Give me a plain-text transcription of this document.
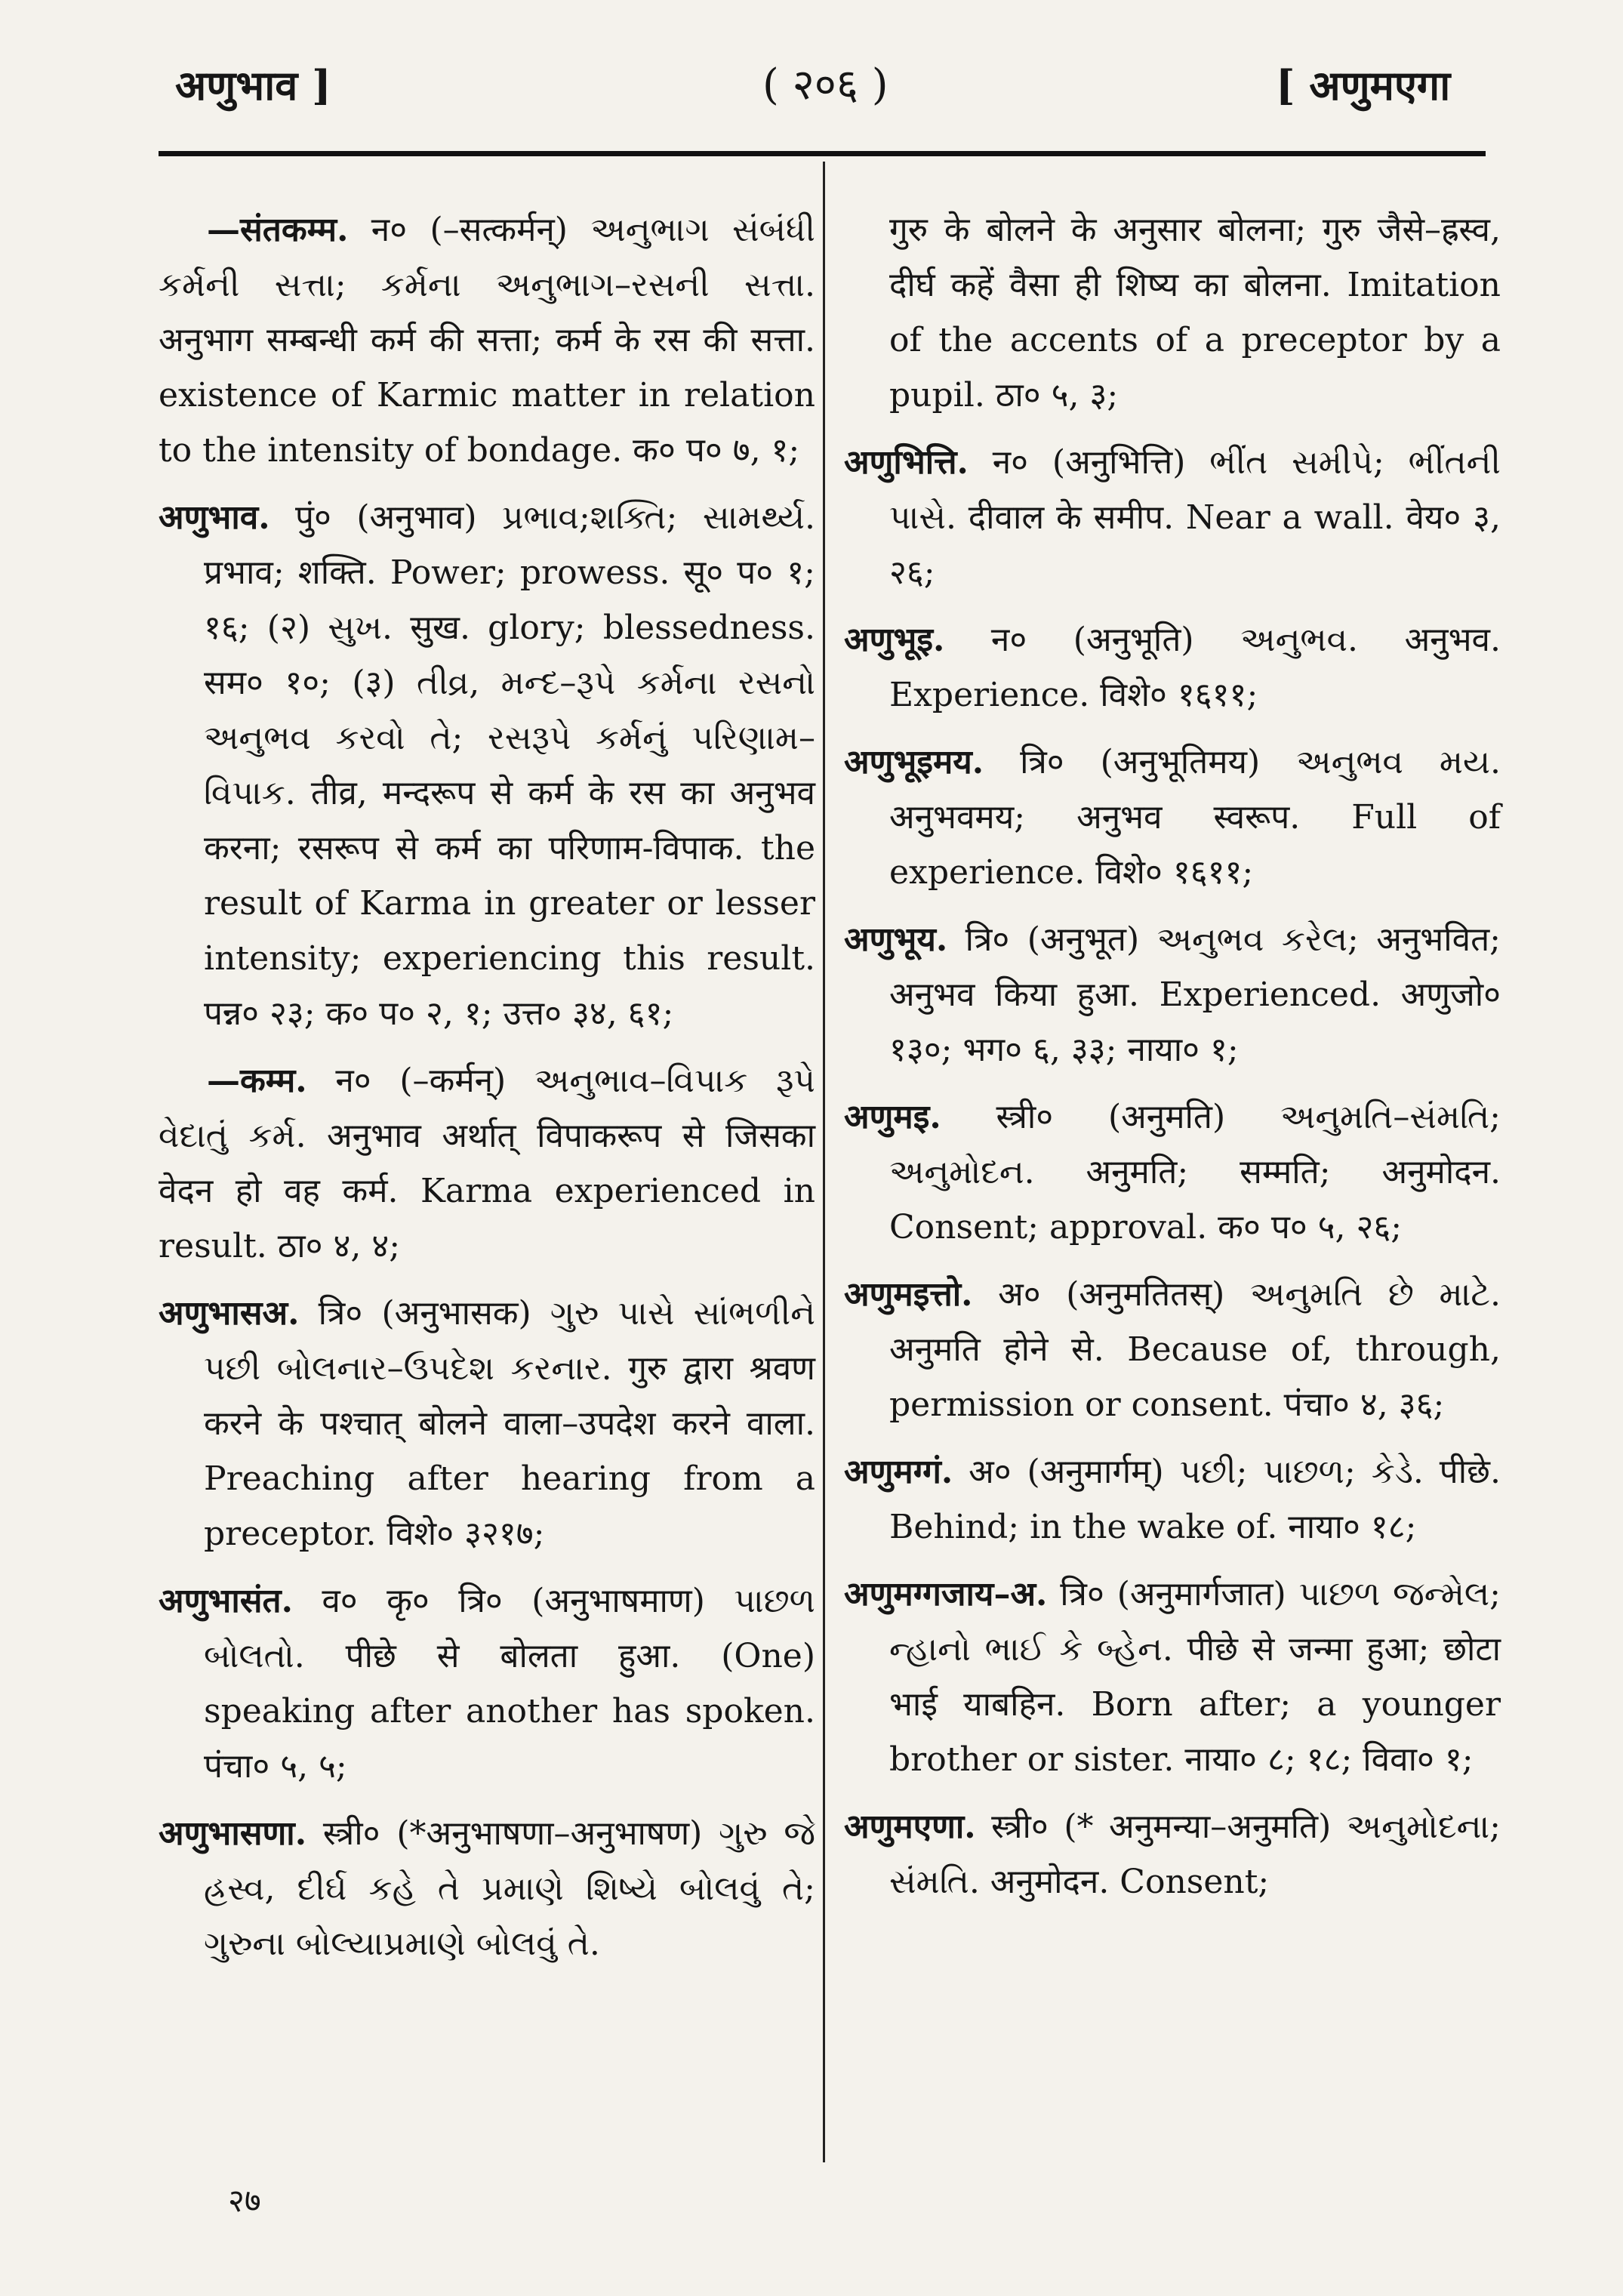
अणुभाव ]	( २०६ )	[ अणुमएगा

—संतकम्म. न० (–सत्कर्मन्) અનુભાગ સંબંધી કર્મની સત્તા; કર્મના અનુભાગ–રસની સત્તા. अनुभाग सम्बन्धी कर्म की सत्ता; कर्म के रस की सत्ता. existence of Karmic matter in relation to the intensity of bondage. क० प० ७, १;

अणुभाव. पुं० (अनुभाव) પ્રભાવ;શક્તિ; સામર્થ્ય. प्रभाव; शक्ति. Power; prowess. सू० प० १; १६; (२) સુખ. सुख. glory; blessedness. सम० १०; (३) તીવ્ર, મન્દ–રૂપે કર્મના રસનો અનુભવ કરવો તે; રસરૂપે કર્મનું પરિણામ–વિપાક. तीव्र, मन्दरूप से कर्म के रस का अनुभव करना; रसरूप से कर्म का परिणाम-विपाक. the result of Karma in greater or lesser intensity; experiencing this result. पन्न० २३; क० प० २, १; उत्त० ३४, ६१;

—कम्म. न० (–कर्मन्) અનુભાવ–વિપાક રૂપે વેદાતું કર્મ. अनुभाव अर्थात् विपाकरूप से जिसका वेदन हो वह कर्म. Karma experienced in result. ठा० ४, ४;

अणुभासअ. त्रि० (अनुभासक) ગુરુ પાસે સાંભળીને પછી બોલનાર–ઉપદેશ કરનાર. गुरु द्वारा श्रवण करने के पश्चात् बोलने वाला–उपदेश करने वाला. Preaching after hearing from a preceptor. विशे० ३२१७;

अणुभासंत. व० कृ० त्रि० (अनुभाषमाण) પાછળ બોલતો. पीछे से बोलता हुआ. (One) speaking after another has spoken. पंचा० ५, ५;

अणुभासणा. स्त्री० (*अनुभाषणा–अनुभाषण) ગુરુ જે હ્રસ્વ, દીર્ઘ કહે તે પ્રમાણે શિષ્યે બોલવું તે; ગુરુના બોલ્યાપ્રમાણે બોલવું તે.

गुरु के बोलने के अनुसार बोलना; गुरु जैसे–ह्रस्व, दीर्घ कहें वैसा ही शिष्य का बोलना. Imitation of the accents of a preceptor by a pupil. ठा० ५, ३;

अणुभित्ति. न० (अनुभित्ति) ભીંત સમીપે; ભીંતની પાસે. दीवाल के समीप. Near a wall. वेय० ३, २६;

अणुभूइ. न० (अनुभूति) અનુભવ. अनुभव. Experience. विशे० १६११;

अणुभूइमय. त्रि० (अनुभूतिमय) અનુભવ મય. अनुभवमय; अनुभव स्वरूप. Full of experience. विशे० १६११;

अणुभूय. त्रि० (अनुभूत) અનુભવ કરેલ; अनुभवित; अनुभव किया हुआ. Experienced. अणुजो० १३०; भग० ६, ३३; नाया० १;

अणुमइ. स्त्री० (अनुमति) અનુમતિ–સંમતિ; અનુમોદન. अनुमति; सम्मति; अनुमोदन. Consent; approval. क० प० ५, २६;

अणुमइत्तो. अ० (अनुमतितस्) અનુમતિ છે માટે. अनुमति होने से. Because of, through, permission or consent. पंचा० ४, ३६;

अणुमग्गं. अ० (अनुमार्गम्) પછી; પાછળ; કેડે. पीछे. Behind; in the wake of. नाया० १८;

अणुमग्गजाय–अ. त्रि० (अनुमार्गजात) પાછળ જન્મેલ; ન્હાનો ભાઈ કે બ્હેન. पीछे से जन्मा हुआ; छोटा भाई याबहिन. Born after; a younger brother or sister. नाया० ८; १८; विवा० १;

अणुमएणा. स्त्री० (* अनुमन्या–अनुमति) અનુમોદના; સંમતિ. अनुमोदन. Consent;

२७
